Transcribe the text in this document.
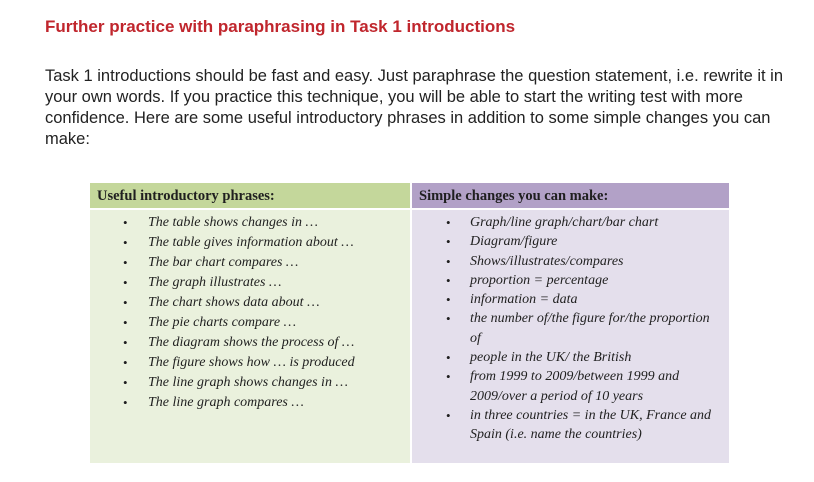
Further practice with paraphrasing in Task 1 introductions

Task 1 introductions should be fast and easy. Just paraphrase the question statement, i.e. rewrite it in your own words. If you practice this technique, you will be able to start the writing test with more confidence. Here are some useful introductory phrases in addition to some simple changes you can make:

Useful introductory phrases:
• The table shows changes in …
• The table gives information about …
• The bar chart compares …
• The graph illustrates …
• The chart shows data about …
• The pie charts compare …
• The diagram shows the process of …
• The figure shows how … is produced
• The line graph shows changes in …
• The line graph compares …
Simple changes you can make:
• Graph/line graph/chart/bar chart
• Diagram/figure
• Shows/illustrates/compares
• proportion = percentage
• information = data
• the number of/the figure for/the proportion of
• people in the UK/ the British
• from 1999 to 2009/between 1999 and 2009/over a period of 10 years
• in three countries = in the UK, France and Spain (i.e. name the countries)
